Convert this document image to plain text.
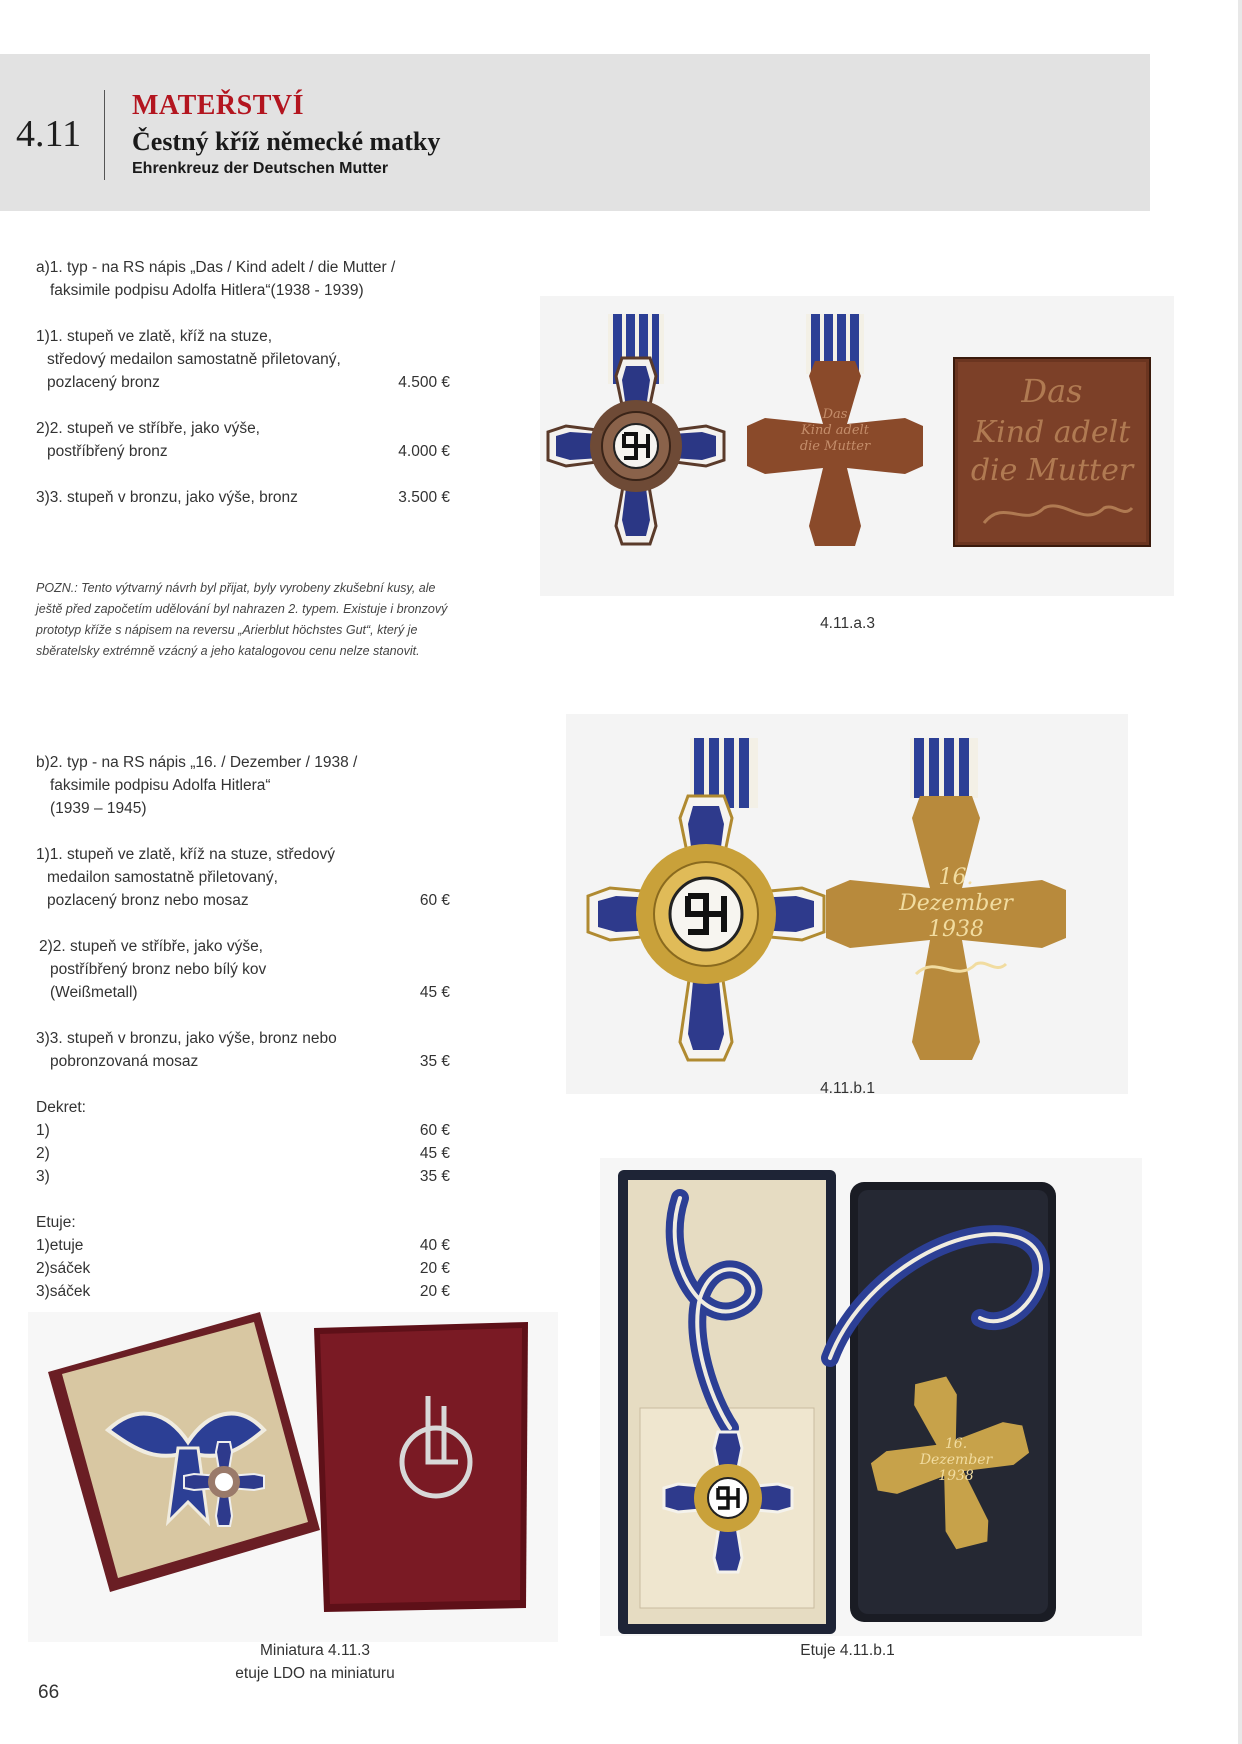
4.11
MATEŘSTVÍ
Čestný kříž německé matky
Ehrenkreuz der Deutschen Mutter
a)1. typ - na RS nápis „Das / Kind adelt / die Mutter /
faksimile podpisu Adolfa Hitlera“(1938 - 1939)
1)1. stupeň ve zlatě, kříž na stuze,
středový medailon samostatně přiletovaný,
pozlacený bronz	4.500 €
2)2. stupeň ve stříbře, jako výše,
postříbřený bronz	4.000 €
3)3. stupeň v bronzu, jako výše, bronz	3.500 €
POZN.: Tento výtvarný návrh byl přijat, byly vyrobeny zkušební kusy, ale ještě před započetím udělování byl nahrazen 2. typem. Existuje i bronzový prototyp kříže s nápisem na reversu „Arierblut höchstes Gut“, který je sběratelsky extrémně vzácný a jeho katalogovou cenu nelze stanovit.
b)2. typ - na RS nápis „16. / Dezember / 1938 /
faksimile podpisu Adolfa Hitlera“
(1939 – 1945)
1)1. stupeň ve zlatě, kříž na stuze, středový
medailon samostatně přiletovaný,
pozlacený bronz nebo mosaz	60 €
2)2. stupeň ve stříbře, jako výše,
postříbřený bronz nebo bílý kov
(Weißmetall)	45 €
3)3. stupeň v bronzu, jako výše, bronz nebo
pobronzovaná mosaz	35 €
Dekret:
1)	60 €
2)	45 €
3)	35 €
Etuje:
1)etuje	40 €
2)sáček	20 €
3)sáček	20 €
Das
Kind adelt
die Mutter
Das
Kind adelt
die Mutter
4.11.a.3
16.
Dezember
1938
4.11.b.1
Miniatura 4.11.3
etuje LDO na miniaturu
16.
Dezember
1938
Etuje 4.11.b.1
66
